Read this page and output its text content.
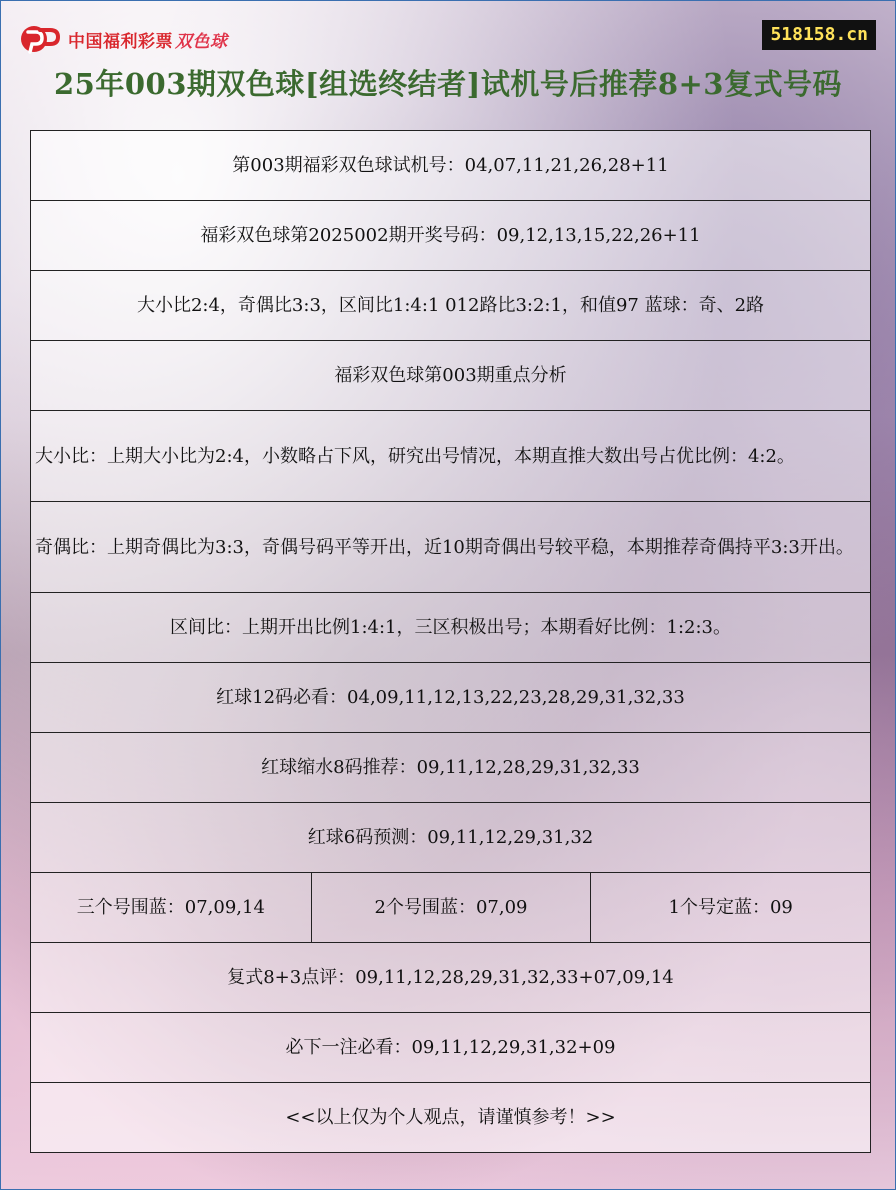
中国福利彩票 双色球	518158.cn
25年003期双色球[组选终结者]试机号后推荐8+3复式号码
第003期福彩双色球试机号：04,07,11,21,26,28+11
福彩双色球第2025002期开奖号码：09,12,13,15,22,26+11
大小比2:4，奇偶比3:3，区间比1:4:1 012路比3:2:1，和值97 蓝球：奇、2路
福彩双色球第003期重点分析
大小比：上期大小比为2:4，小数略占下风，研究出号情况，本期直推大数出号占优比例：4:2。
奇偶比：上期奇偶比为3:3，奇偶号码平等开出，近10期奇偶出号较平稳，本期推荐奇偶持平3:3开出。
区间比：上期开出比例1:4:1，三区积极出号；本期看好比例：1:2:3。
红球12码必看：04,09,11,12,13,22,23,28,29,31,32,33
红球缩水8码推荐：09,11,12,28,29,31,32,33
红球6码预测：09,11,12,29,31,32
三个号围蓝：07,09,14	2个号围蓝：07,09	1个号定蓝：09
复式8+3点评：09,11,12,28,29,31,32,33+07,09,14
必下一注必看：09,11,12,29,31,32+09
<<以上仅为个人观点，请谨慎参考！>>
